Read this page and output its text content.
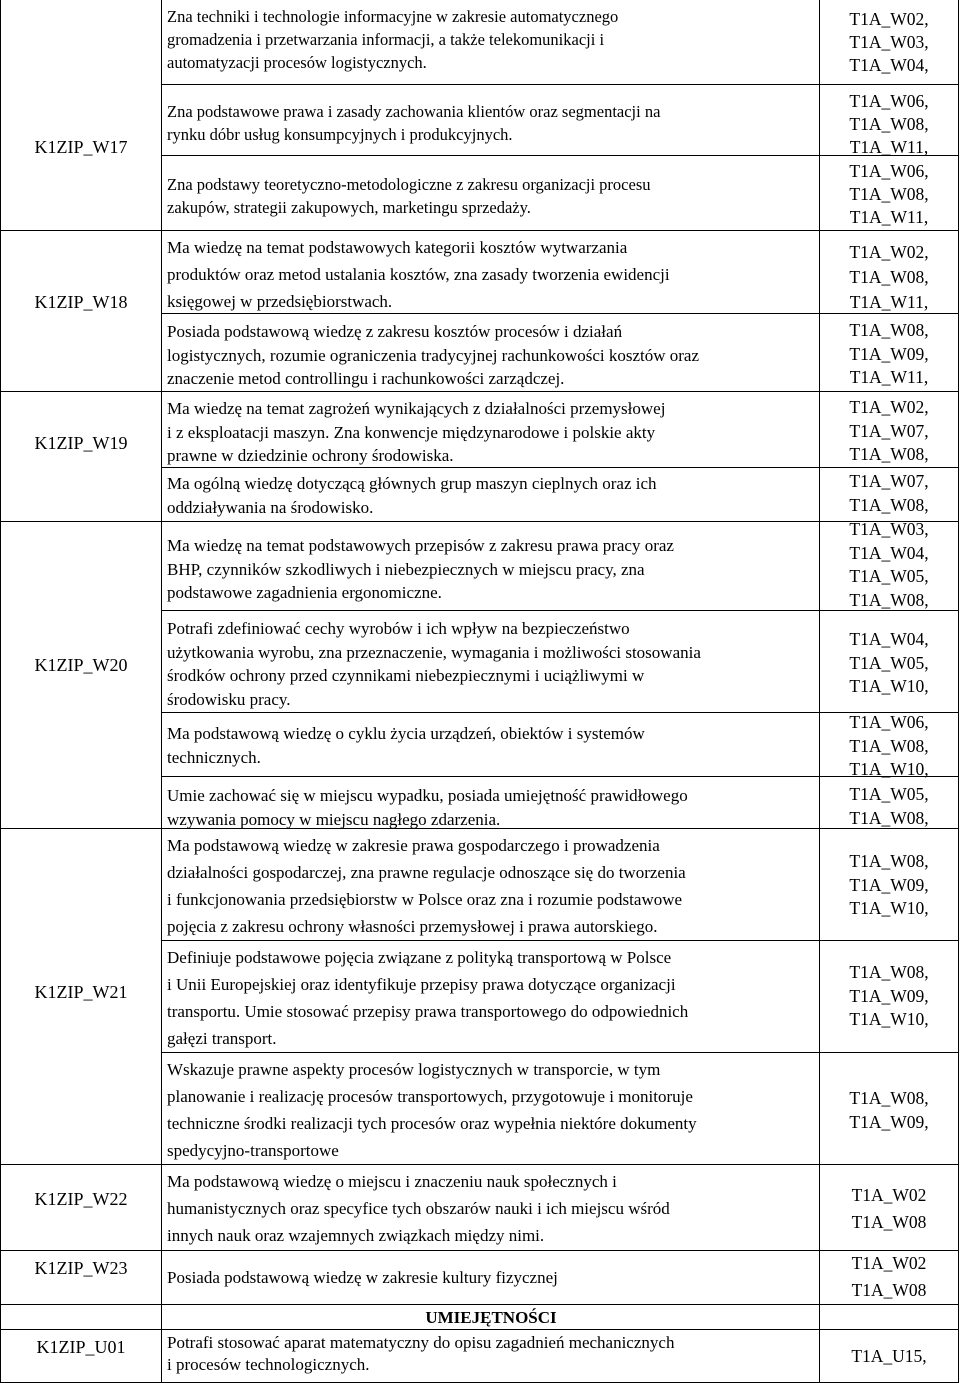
UMIEJĘTNOŚCI
K1ZIP_W17
K1ZIP_W18
K1ZIP_W19
K1ZIP_W20
K1ZIP_W21
K1ZIP_W22
K1ZIP_W23
K1ZIP_U01
Zna techniki i technologie informacyjne w zakresie automatycznego
gromadzenia i przetwarzania informacji, a także telekomunikacji i
automatyzacji procesów logistycznych.
T1A_W02,
T1A_W03,
T1A_W04,
Zna podstawowe prawa i zasady zachowania klientów oraz segmentacji na
rynku dóbr usług konsumpcyjnych i produkcyjnych.
T1A_W06,
T1A_W08,
T1A_W11,
Zna podstawy teoretyczno-metodologiczne z zakresu organizacji procesu
zakupów, strategii zakupowych, marketingu sprzedaży.
T1A_W06,
T1A_W08,
T1A_W11,
Ma wiedzę na temat podstawowych kategorii kosztów wytwarzania
produktów oraz metod ustalania kosztów, zna zasady tworzenia ewidencji
księgowej w przedsiębiorstwach.
T1A_W02,
T1A_W08,
T1A_W11,
Posiada podstawową wiedzę z zakresu kosztów procesów i działań
logistycznych, rozumie ograniczenia tradycyjnej rachunkowości kosztów oraz
znaczenie metod controllingu i rachunkowości zarządczej.
T1A_W08,
T1A_W09,
T1A_W11,
Ma wiedzę na temat zagrożeń wynikających z działalności przemysłowej
i z eksploatacji maszyn. Zna konwencje międzynarodowe i polskie akty
prawne w dziedzinie ochrony środowiska.
T1A_W02,
T1A_W07,
T1A_W08,
Ma ogólną wiedzę dotyczącą głównych grup maszyn cieplnych oraz ich
oddziaływania na środowisko.
T1A_W07,
T1A_W08,
Ma wiedzę na temat podstawowych przepisów z zakresu prawa pracy oraz
BHP, czynników szkodliwych i niebezpiecznych w miejscu pracy, zna
podstawowe zagadnienia ergonomiczne.
T1A_W03,
T1A_W04,
T1A_W05,
T1A_W08,
Potrafi zdefiniować cechy wyrobów i ich wpływ na bezpieczeństwo
użytkowania wyrobu, zna przeznaczenie, wymagania i możliwości stosowania
środków ochrony przed czynnikami niebezpiecznymi i uciążliwymi w
środowisku pracy.
T1A_W04,
T1A_W05,
T1A_W10,
Ma podstawową wiedzę o cyklu życia urządzeń, obiektów i systemów
technicznych.
T1A_W06,
T1A_W08,
T1A_W10,
Umie zachować się w miejscu wypadku, posiada umiejętność prawidłowego
wzywania pomocy w miejscu nagłego zdarzenia.
T1A_W05,
T1A_W08,
Ma podstawową wiedzę w zakresie prawa gospodarczego i prowadzenia
działalności gospodarczej, zna prawne regulacje odnoszące się do tworzenia
i funkcjonowania przedsiębiorstw w Polsce oraz zna i rozumie podstawowe
pojęcia z zakresu ochrony własności przemysłowej i prawa autorskiego.
T1A_W08,
T1A_W09,
T1A_W10,
Definiuje podstawowe pojęcia związane z polityką transportową w Polsce
i Unii Europejskiej oraz identyfikuje przepisy prawa dotyczące organizacji
transportu. Umie stosować przepisy prawa transportowego do odpowiednich
gałęzi transport.
T1A_W08,
T1A_W09,
T1A_W10,
Wskazuje prawne aspekty procesów logistycznych w transporcie, w tym
planowanie i realizację procesów transportowych, przygotowuje i monitoruje
techniczne środki realizacji tych procesów oraz wypełnia niektóre dokumenty
spedycyjno-transportowe
T1A_W08,
T1A_W09,
Ma podstawową wiedzę o miejscu i znaczeniu nauk społecznych i
humanistycznych oraz specyfice tych obszarów nauki i ich miejscu wśród
innych nauk oraz wzajemnych związkach między nimi.
T1A_W02
T1A_W08
Posiada podstawową wiedzę w zakresie kultury fizycznej
T1A_W02
T1A_W08
Potrafi stosować aparat matematyczny do opisu zagadnień mechanicznych
i procesów technologicznych.	T1A_U15,
